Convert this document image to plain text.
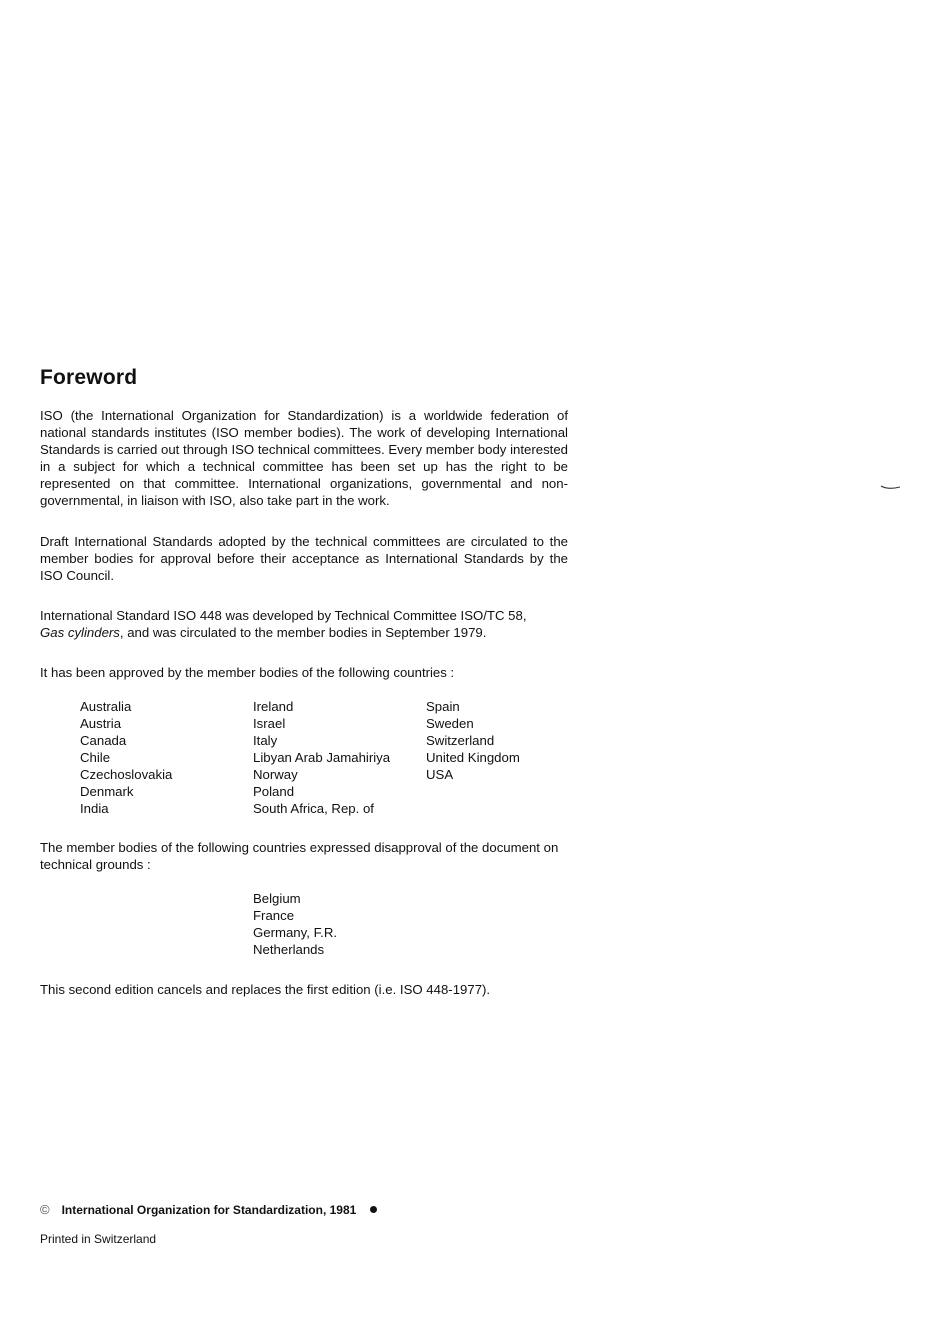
Foreword

ISO (the International Organization for Standardization) is a worldwide federation of national standards institutes (ISO member bodies). The work of developing International Standards is carried out through ISO technical committees. Every member body interested in a subject for which a technical committee has been set up has the right to be represented on that committee. International organizations, governmental and non-governmental, in liaison with ISO, also take part in the work.

Draft International Standards adopted by the technical committees are circulated to the member bodies for approval before their acceptance as International Standards by the ISO Council.

International Standard ISO 448 was developed by Technical Committee ISO/TC 58,
Gas cylinders, and was circulated to the member bodies in September 1979.

It has been approved by the member bodies of the following countries :

Australia
Austria
Canada
Chile
Czechoslovakia
Denmark
India
Ireland
Israel
Italy
Libyan Arab Jamahiriya
Norway
Poland
South Africa, Rep. of
Spain
Sweden
Switzerland
United Kingdom
USA

The member bodies of the following countries expressed disapproval of the document on technical grounds :

Belgium
France
Germany, F.R.
Netherlands

This second edition cancels and replaces the first edition (i.e. ISO 448-1977).

© International Organization for Standardization, 1981
Printed in Switzerland
